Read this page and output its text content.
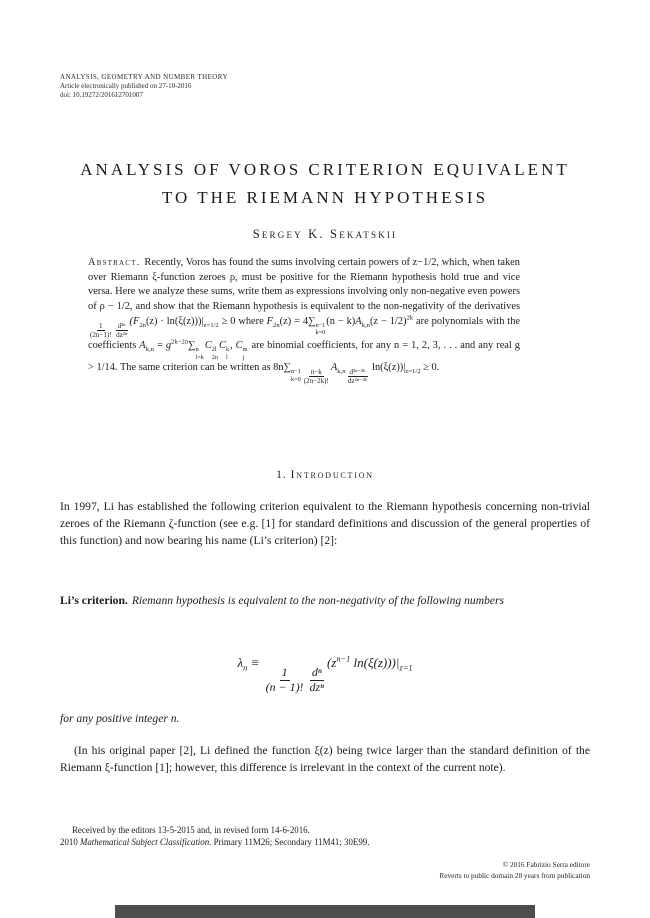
ANALYSIS, GEOMETRY AND NUMBER THEORY
Article electronically published on 27-10-2016
doi: 10.19272/201612701007
ANALYSIS OF VOROS CRITERION EQUIVALENT
TO THE RIEMANN HYPOTHESIS
Sergey K. Sekatskii
Abstract. Recently, Voros has found the sums involving certain powers of z−1/2, which, when taken over Riemann ξ-function zeroes ρ, must be positive for the Riemann hypothesis hold true and vice versa. Here we analyze these sums, write them as expressions involving only non-negative even powers of ρ − 1/2, and show that the Riemann hypothesis is equivalent to the non-negativity of the derivatives
$\frac{1}{(2n-1)!} \frac{\text{d²ⁿ}}{\text{dz²ⁿ}}$
$(F_{2n}(z) \cdot \ln(\xi(z)))|_{z=1/2} \ge 0$ where $F_{2n}(z) = 4\sum$ n−1
k=0
$(n - k)A_{k,n}(z - 1/2)^{2k}$ are polynomials with the coefficients $A_{k,n} = g^{2k-2n}\sum$ n
l=k
C 2l
2n
C k
l
, C m
j
are binomial coefficients, for any n = 1, 2, 3, . . . and any real g > 1/14. The same criterion can be written as 8n∑ n−1
$k=0 \frac{n-k}{(2n-2k)!}$
$A_{k,n} \frac{\text{d²ⁿ⁻²ᵏ}}{\text{dz²ⁿ⁻²ᵏ}}$
$\ln(\xi(z))|_{z=1/2} \ge 0$.
1. Introduction

In 1997, Li has established the following criterion equivalent to the Riemann hypothesis concerning non-trivial zeroes of the Riemann ζ-function (see e.g. [1] for standard definitions and discussion of the general properties of this function) and now bearing his name (Li’s criterion) [2]:

Li’s criterion. Riemann hypothesis is equivalent to the non-negativity of the following numbers

$\lambda_n$ ≡
$\frac{1}{(n - 1)!}$ dⁿ
dzⁿ
($z^{n-1}$ $\ln(\xi(z)))|_{z=1}$

for any positive integer n.

(In his original paper [2], Li defined the function ξ(z) being twice larger than the standard definition of the Riemann ξ-function [1]; however, this difference is irrelevant in the context of the current note).

Received by the editors 13-5-2015 and, in revised form 14-6-2016.
2010 Mathematical Subject Classification. Primary 11M26; Secondary 11M41; 30E99.
© 2016 Fabrizio Serra editore
Reverts to public domain 28 years from publication
